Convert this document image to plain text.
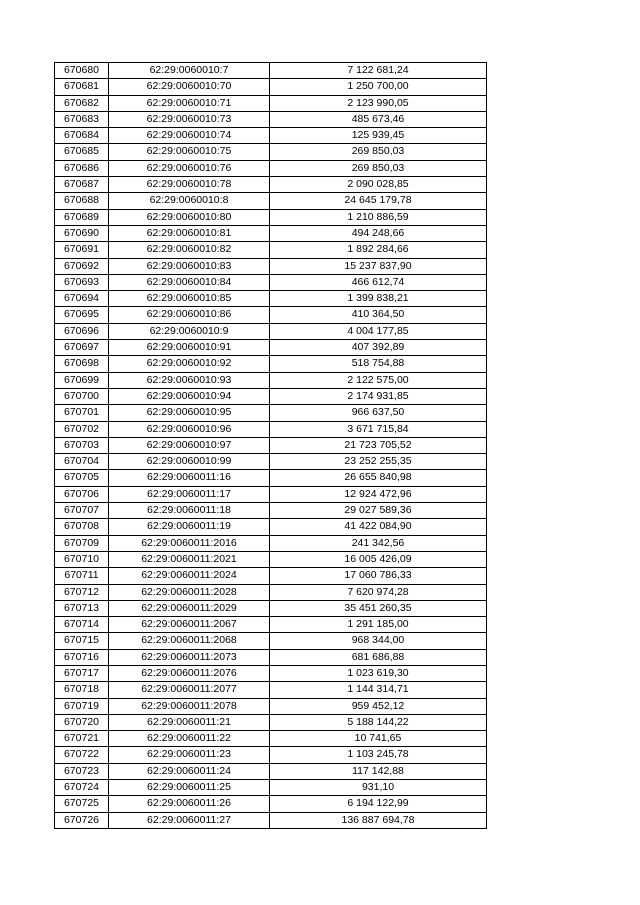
670680	62:29:0060010:7	7 122 681,24
670681	62:29:0060010:70	1 250 700,00
670682	62:29:0060010:71	2 123 990,05
670683	62:29:0060010:73	485 673,46
670684	62:29:0060010:74	125 939,45
670685	62:29:0060010:75	269 850,03
670686	62:29:0060010:76	269 850,03
670687	62:29:0060010:78	2 090 028,85
670688	62:29:0060010:8	24 645 179,78
670689	62:29:0060010:80	1 210 886,59
670690	62:29:0060010:81	494 248,66
670691	62:29:0060010:82	1 892 284,66
670692	62:29:0060010:83	15 237 837,90
670693	62:29:0060010:84	466 612,74
670694	62:29:0060010:85	1 399 838,21
670695	62:29:0060010:86	410 364,50
670696	62:29:0060010:9	4 004 177,85
670697	62:29:0060010:91	407 392,89
670698	62:29:0060010:92	518 754,88
670699	62:29:0060010:93	2 122 575,00
670700	62:29:0060010:94	2 174 931,85
670701	62:29:0060010:95	966 637,50
670702	62:29:0060010:96	3 671 715,84
670703	62:29:0060010:97	21 723 705,52
670704	62:29:0060010:99	23 252 255,35
670705	62:29:0060011:16	26 655 840,98
670706	62:29:0060011:17	12 924 472,96
670707	62:29:0060011:18	29 027 589,36
670708	62:29:0060011:19	41 422 084,90
670709	62:29:0060011:2016	241 342,56
670710	62:29:0060011:2021	16 005 426,09
670711	62:29:0060011:2024	17 060 786,33
670712	62:29:0060011:2028	7 620 974,28
670713	62:29:0060011:2029	35 451 260,35
670714	62:29:0060011:2067	1 291 185,00
670715	62:29:0060011:2068	968 344,00
670716	62:29:0060011:2073	681 686,88
670717	62:29:0060011:2076	1 023 619,30
670718	62:29:0060011:2077	1 144 314,71
670719	62:29:0060011:2078	959 452,12
670720	62:29:0060011:21	5 188 144,22
670721	62:29:0060011:22	10 741,65
670722	62:29:0060011:23	1 103 245,78
670723	62:29:0060011:24	117 142,88
670724	62:29:0060011:25	931,10
670725	62:29:0060011:26	6 194 122,99
670726	62:29:0060011:27	136 887 694,78
